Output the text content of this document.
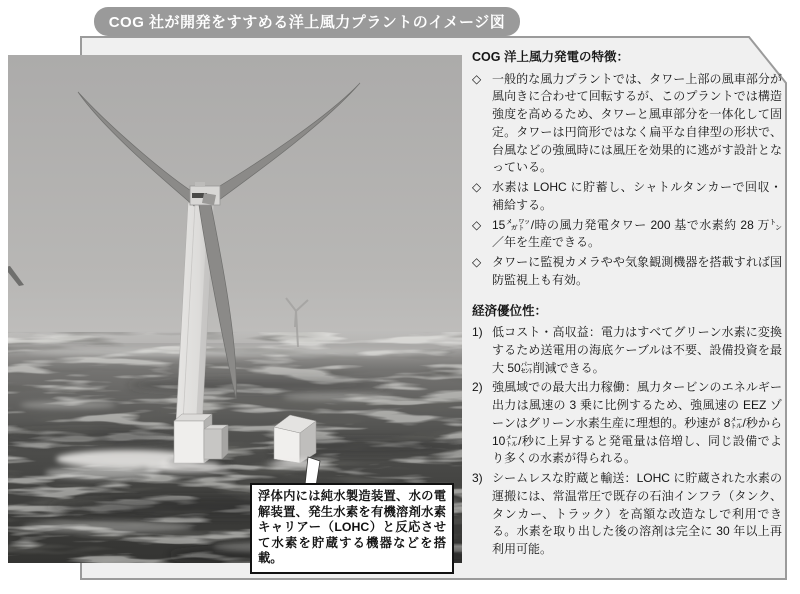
COG 社が開発をすすめる洋上風力プラントのイメージ図
浮体内には純水製造装置、水の電解装置、発生水素を有機溶剤水素キャリアー（LOHC）と反応させて水素を貯蔵する機器などを搭載。
COG 洋上風力発電の特徴：
◇ 一般的な風力プラントでは、タワー上部の風車部分が風向きに合わせて回転するが、このプラントでは構造強度を高めるため、タワーと風車部分を一体化して固定。タワーは円筒形ではなく扁平な自律型の形状で、台風などの強風時には風圧を効果的に逃がす設計となっている。
◇ 水素は LOHC に貯蓄し、シャトルタンカーで回収・補給する。
◇ 15㍋㍗/時の風力発電タワー 200 基で水素約 28 万㌧／年を生産できる。
◇ タワーに監視カメラやや気象観測機器を搭載すれば国防監視上も有効。
経済優位性：
1) 低コスト・高収益：電力はすべてグリーン水素に変換するため送電用の海底ケーブルは不要、設備投資を最大 50㌫削減できる。
2) 強風域での最大出力稼働：風力タービンのエネルギー出力は風速の 3 乗に比例するため、強風速の EEZ ゾーンはグリーン水素生産に理想的。秒速が 8㍍/秒から 10㍍/秒に上昇すると発電量は倍増し、同じ設備でより多くの水素が得られる。
3) シームレスな貯蔵と輸送：LOHC に貯蔵された水素の運搬には、常温常圧で既存の石油インフラ（タンク、タンカー、トラック）を高額な改造なしで利用できる。水素を取り出した後の溶剤は完全に 30 年以上再利用可能。
